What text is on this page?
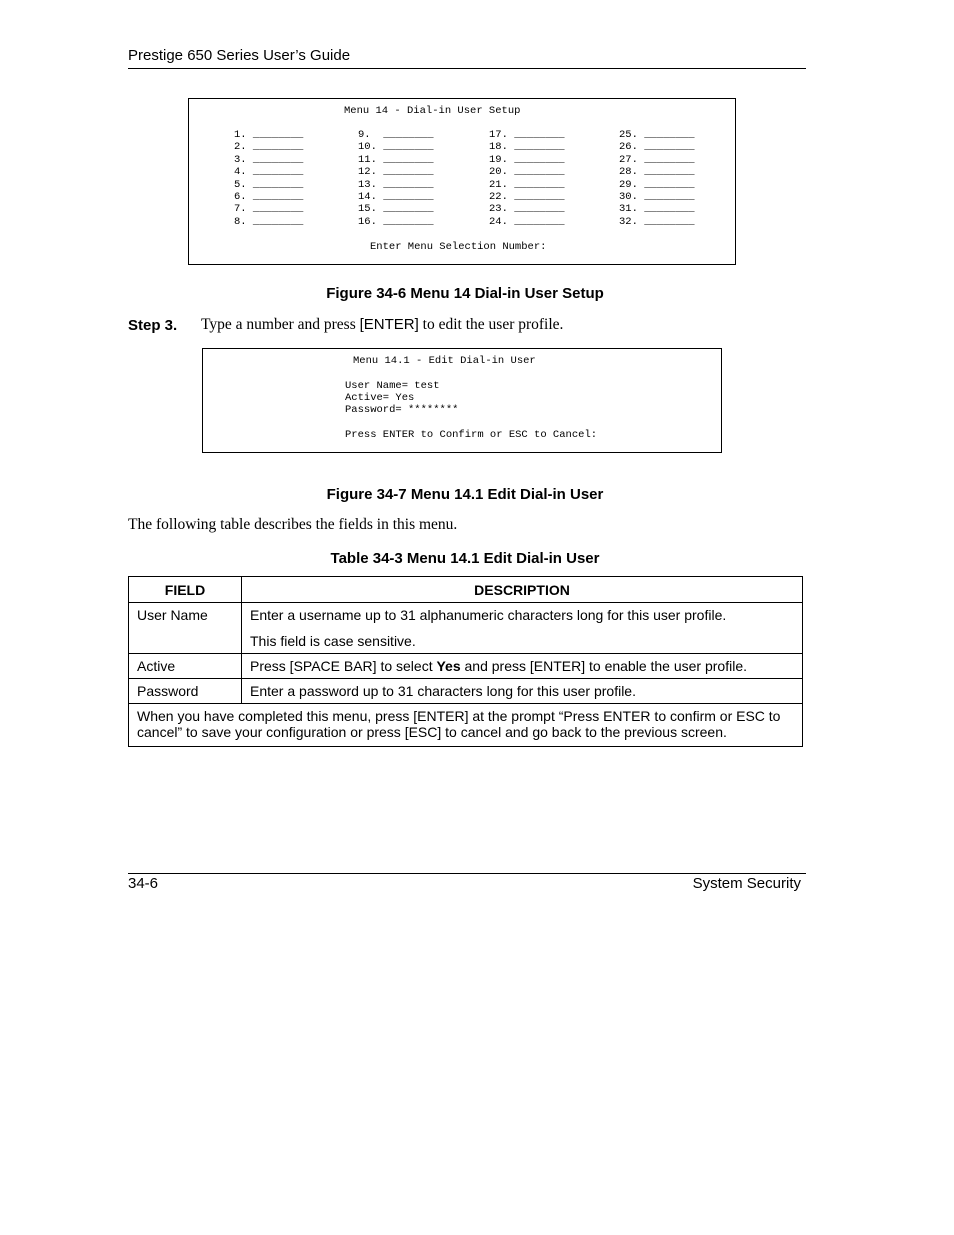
Prestige 650 Series User’s Guide
Menu 14 - Dial-in User Setup
1. ________
2. ________
3. ________
4. ________
5. ________
6. ________
7. ________
8. ________
9.  ________
10. ________
11. ________
12. ________
13. ________
14. ________
15. ________
16. ________
17. ________
18. ________
19. ________
20. ________
21. ________
22. ________
23. ________
24. ________
25. ________
26. ________
27. ________
28. ________
29. ________
30. ________
31. ________
32. ________
Enter Menu Selection Number:
Figure 34-6 Menu 14 Dial-in User Setup
Step 3. Type a number and press [ENTER] to edit the user profile.
Menu 14.1 - Edit Dial-in User
User Name= test
Active= Yes
Password= ********
Press ENTER to Confirm or ESC to Cancel:
Figure 34-7 Menu 14.1 Edit Dial-in User
The following table describes the fields in this menu.
Table 34-3 Menu 14.1 Edit Dial-in User
FIELD	DESCRIPTION
User Name	Enter a username up to 31 alphanumeric characters long for this user profile.

This field is case sensitive.

Active	Press [SPACE BAR] to select Yes and press [ENTER] to enable the user profile.
Password	Enter a password up to 31 characters long for this user profile.
When you have completed this menu, press [ENTER] at the prompt “Press ENTER to confirm or ESC to cancel” to save your configuration or press [ESC] to cancel and go back to the previous screen.	
34-6	System Security
